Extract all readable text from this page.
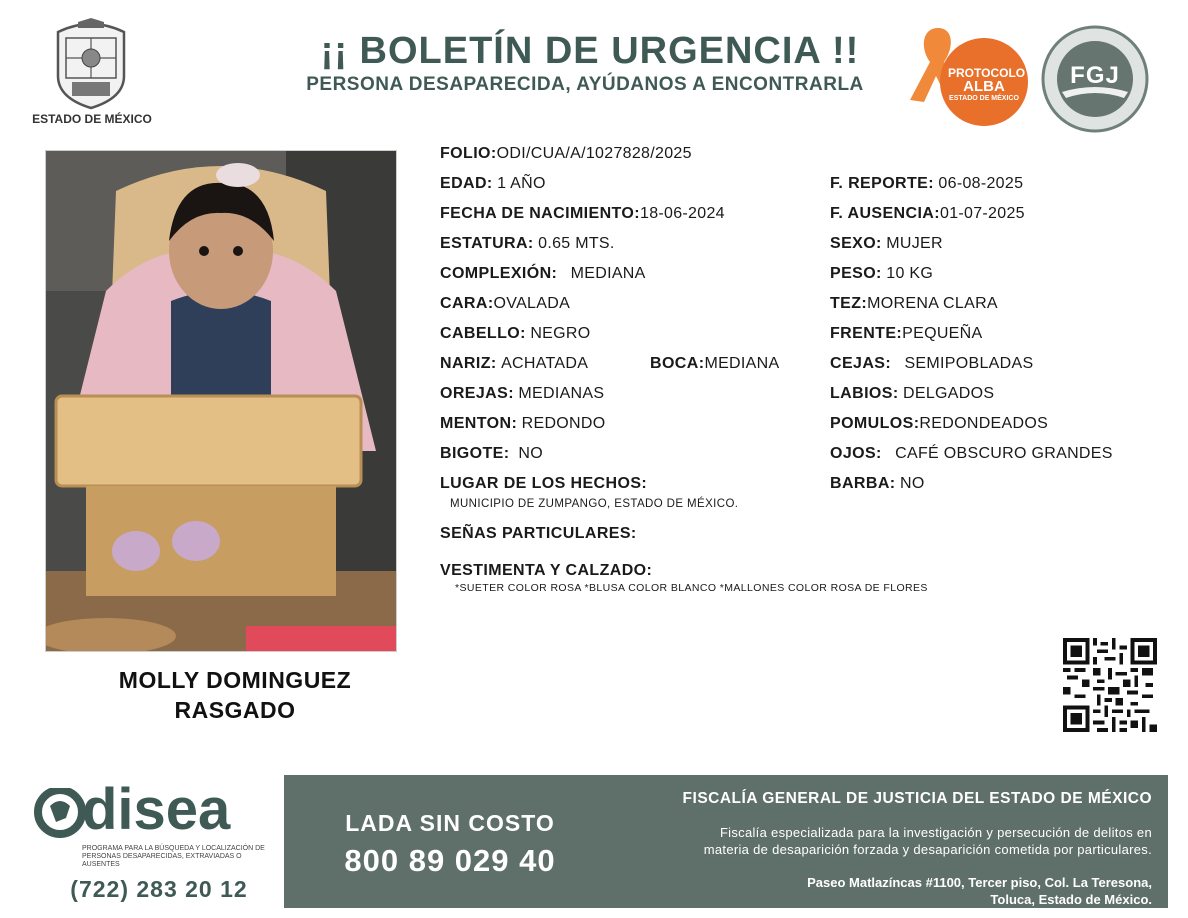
ESTADO DE MÉXICO
¡¡ BOLETÍN DE URGENCIA !!
PERSONA DESAPARECIDA, AYÚDANOS A ENCONTRARLA
PROTOCOLO
ALBA
ESTADO DE MÉXICO
FGJ
MOLLY DOMINGUEZ
RASGADO
FOLIO:ODI/CUA/A/1027828/2025
EDAD: 1 AÑO
FECHA DE NACIMIENTO:18-06-2024
ESTATURA: 0.65 MTS.
COMPLEXIÓN: MEDIANA
CARA:OVALADA
CABELLO: NEGRO
NARIZ: ACHATADA	BOCA:MEDIANA
OREJAS: MEDIANAS
MENTON: REDONDO
BIGOTE: NO
LUGAR DE LOS HECHOS:
MUNICIPIO DE ZUMPANGO, ESTADO DE MÉXICO.
SEÑAS PARTICULARES:
VESTIMENTA Y CALZADO:
*SUETER COLOR ROSA *BLUSA COLOR BLANCO *MALLONES COLOR ROSA DE FLORES
F. REPORTE: 06-08-2025
F. AUSENCIA:01-07-2025
SEXO: MUJER
PESO: 10 KG
TEZ:MORENA CLARA
FRENTE:PEQUEÑA
CEJAS: SEMIPOBLADAS
LABIOS: DELGADOS
POMULOS:REDONDEADOS
OJOS: CAFÉ OBSCURO GRANDES
BARBA: NO
disea
PROGRAMA PARA LA BÚSQUEDA Y LOCALIZACIÓN DE PERSONAS DESAPARECIDAS, EXTRAVIADAS O AUSENTES
(722) 283 20 12
LADA SIN COSTO
800 89 029 40
FISCALÍA GENERAL DE JUSTICIA DEL ESTADO DE MÉXICO
Fiscalía especializada para la investigación y persecución de delitos en
materia de desaparición forzada y desaparición cometida por particulares.
Paseo Matlazíncas #1100, Tercer piso, Col. La Teresona,
Toluca, Estado de México.
